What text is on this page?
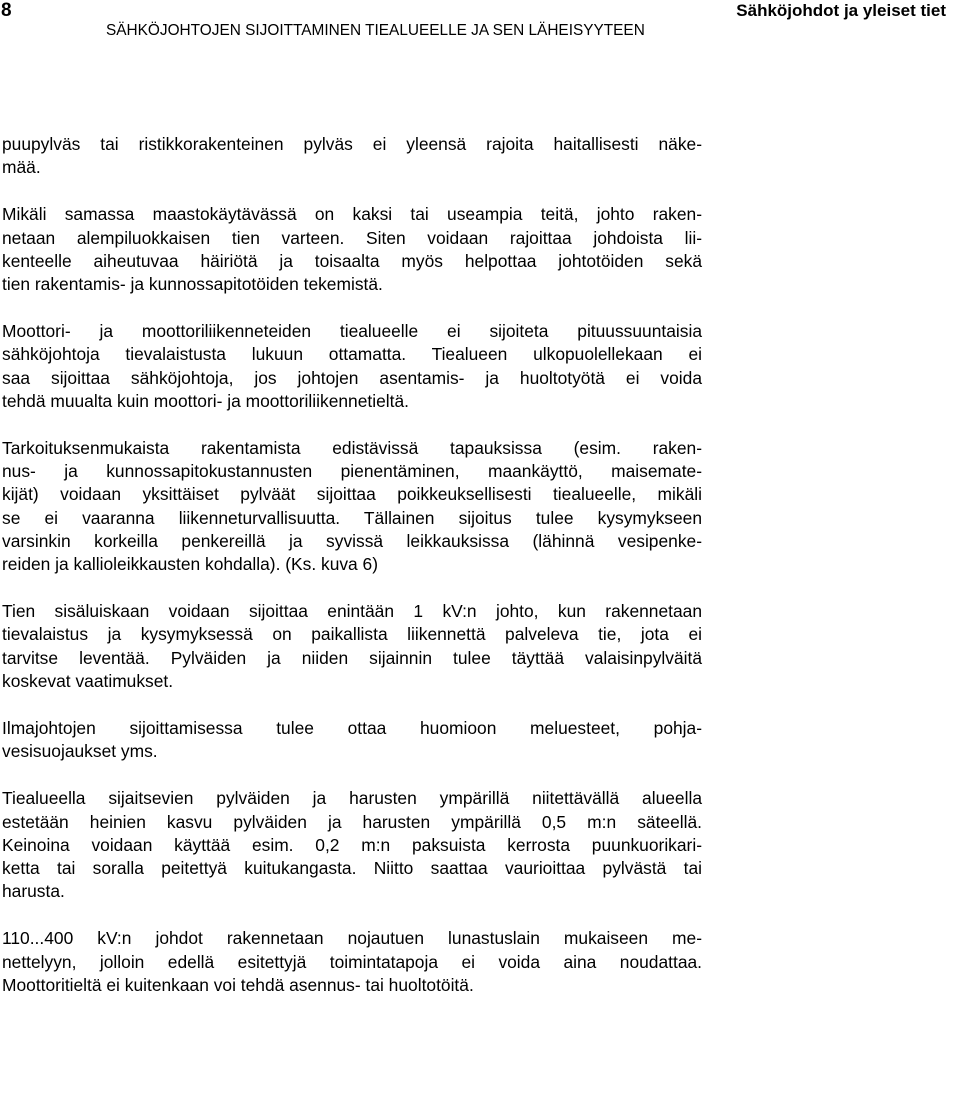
8	Sähköjohdot ja yleiset tiet
SÄHKÖJOHTOJEN SIJOITTAMINEN TIEALUEELLE JA SEN LÄHEISYYTEEN
puupylväs tai ristikkorakenteinen pylväs ei yleensä rajoita haitallisesti näke-
mää.
Mikäli samassa maastokäytävässä on kaksi tai useampia teitä, johto raken-
netaan alempiluokkaisen tien varteen. Siten voidaan rajoittaa johdoista lii-
kenteelle aiheutuvaa häiriötä ja toisaalta myös helpottaa johtotöiden sekä
tien rakentamis- ja kunnossapitotöiden tekemistä.
Moottori- ja moottoriliikenneteiden tiealueelle ei sijoiteta pituussuuntaisia
sähköjohtoja tievalaistusta lukuun ottamatta. Tiealueen ulkopuolellekaan ei
saa sijoittaa sähköjohtoja, jos johtojen asentamis- ja huoltotyötä ei voida
tehdä muualta kuin moottori- ja moottoriliikennetieltä.
Tarkoituksenmukaista rakentamista edistävissä tapauksissa (esim. raken-
nus- ja kunnossapitokustannusten pienentäminen, maankäyttö, maisemate-
kijät) voidaan yksittäiset pylväät sijoittaa poikkeuksellisesti tiealueelle, mikäli
se ei vaaranna liikenneturvallisuutta. Tällainen sijoitus tulee kysymykseen
varsinkin korkeilla penkereillä ja syvissä leikkauksissa (lähinnä vesipenke-
reiden ja kallioleikkausten kohdalla). (Ks. kuva 6)
Tien sisäluiskaan voidaan sijoittaa enintään 1 kV:n johto, kun rakennetaan
tievalaistus ja kysymyksessä on paikallista liikennettä palveleva tie, jota ei
tarvitse leventää. Pylväiden ja niiden sijainnin tulee täyttää valaisinpylväitä
koskevat vaatimukset.
Ilmajohtojen sijoittamisessa tulee ottaa huomioon meluesteet, pohja-
vesisuojaukset yms.
Tiealueella sijaitsevien pylväiden ja harusten ympärillä niitettävällä alueella
estetään heinien kasvu pylväiden ja harusten ympärillä 0,5 m:n säteellä.
Keinoina voidaan käyttää esim. 0,2 m:n paksuista kerrosta puunkuorikari-
ketta tai soralla peitettyä kuitukangasta. Niitto saattaa vaurioittaa pylvästä tai
harusta.
110...400 kV:n johdot rakennetaan nojautuen lunastuslain mukaiseen me-
nettelyyn, jolloin edellä esitettyjä toimintatapoja ei voida aina noudattaa.
Moottoritieltä ei kuitenkaan voi tehdä asennus- tai huoltotöitä.
